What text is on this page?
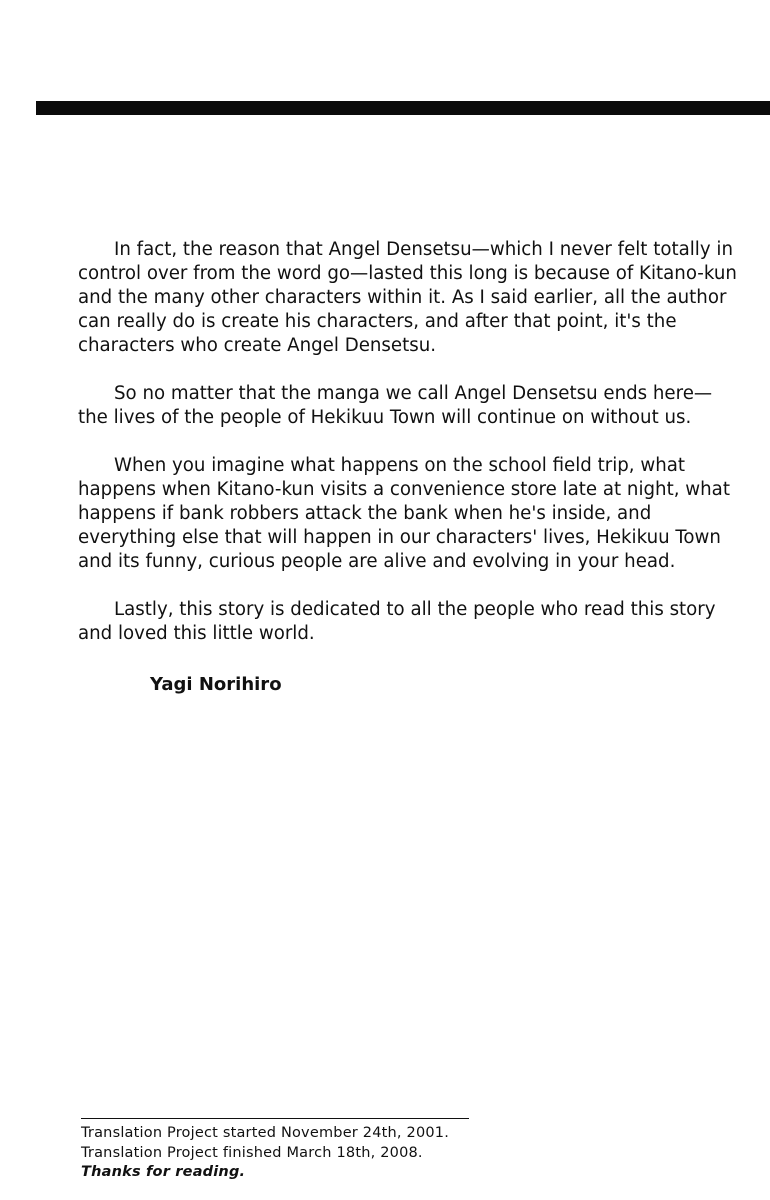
In fact, the reason that Angel Densetsu—which I never felt totally in control over from the word go—lasted this long is because of Kitano-kun and the many other characters within it. As I said earlier, all the author can really do is create his characters, and after that point, it's the characters who create Angel Densetsu.

So no matter that the manga we call Angel Densetsu ends here—the lives of the people of Hekikuu Town will continue on without us.

When you imagine what happens on the school field trip, what happens when Kitano-kun visits a convenience store late at night, what happens if bank robbers attack the bank when he's inside, and everything else that will happen in our characters' lives, Hekikuu Town and its funny, curious people are alive and evolving in your head.

Lastly, this story is dedicated to all the people who read this story and loved this little world.

Yagi Norihiro
Translation Project started November 24th, 2001.
Translation Project finished March 18th, 2008.
Thanks for reading.
